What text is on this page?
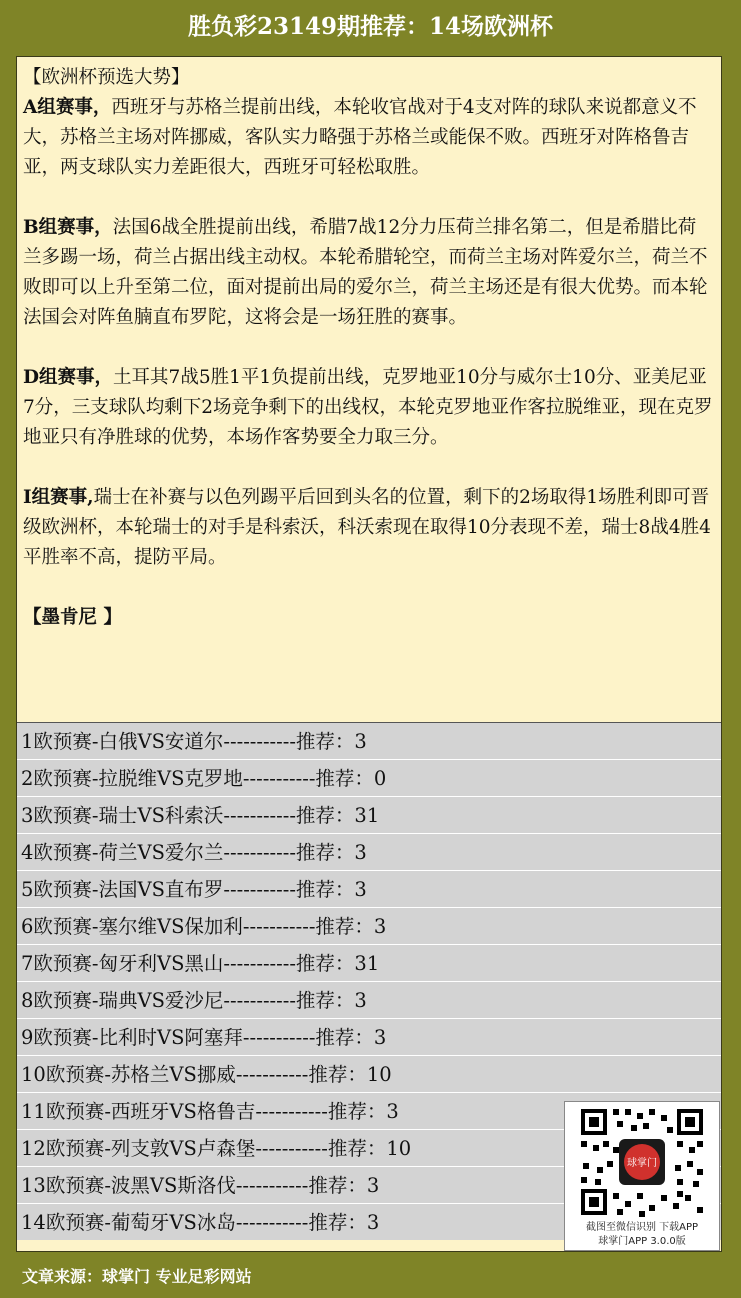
胜负彩23149期推荐：14场欧洲杯

【欧洲杯预选大势】

A组赛事，西班牙与苏格兰提前出线，本轮收官战对于4支对阵的球队来说都意义不大，苏格兰主场对阵挪威，客队实力略强于苏格兰或能保不败。西班牙对阵格鲁吉亚，两支球队实力差距很大，西班牙可轻松取胜。

B组赛事，法国6战全胜提前出线，希腊7战12分力压荷兰排名第二，但是希腊比荷兰多踢一场，荷兰占据出线主动权。本轮希腊轮空，而荷兰主场对阵爱尔兰，荷兰不败即可以上升至第二位，面对提前出局的爱尔兰，荷兰主场还是有很大优势。而本轮法国会对阵鱼腩直布罗陀，这将会是一场狂胜的赛事。

D组赛事，土耳其7战5胜1平1负提前出线，克罗地亚10分与威尔士10分、亚美尼亚7分，三支球队均剩下2场竞争剩下的出线权，本轮克罗地亚作客拉脱维亚，现在克罗地亚只有净胜球的优势，本场作客势要全力取三分。

I组赛事,瑞士在补赛与以色列踢平后回到头名的位置，剩下的2场取得1场胜利即可晋级欧洲杯，本轮瑞士的对手是科索沃，科沃索现在取得10分表现不差，瑞士8战4胜4平胜率不高，提防平局。

【墨肯尼 】

1欧预赛-白俄VS安道尔-----------推荐：3
2欧预赛-拉脱维VS克罗地-----------推荐：0
3欧预赛-瑞士VS科索沃-----------推荐：31
4欧预赛-荷兰VS爱尔兰-----------推荐：3
5欧预赛-法国VS直布罗-----------推荐：3
6欧预赛-塞尔维VS保加利-----------推荐：3
7欧预赛-匈牙利VS黑山-----------推荐：31
8欧预赛-瑞典VS爱沙尼-----------推荐：3
9欧预赛-比利时VS阿塞拜-----------推荐：3
10欧预赛-苏格兰VS挪威-----------推荐：10
11欧预赛-西班牙VS格鲁吉-----------推荐：3
12欧预赛-列支敦VS卢森堡-----------推荐：10
13欧预赛-波黑VS斯洛伐-----------推荐：3
14欧预赛-葡萄牙VS冰岛-----------推荐：3
球掌门
截图至微信识别 下载APP
球掌门APP 3.0.0版
文章来源：球掌门 专业足彩网站
